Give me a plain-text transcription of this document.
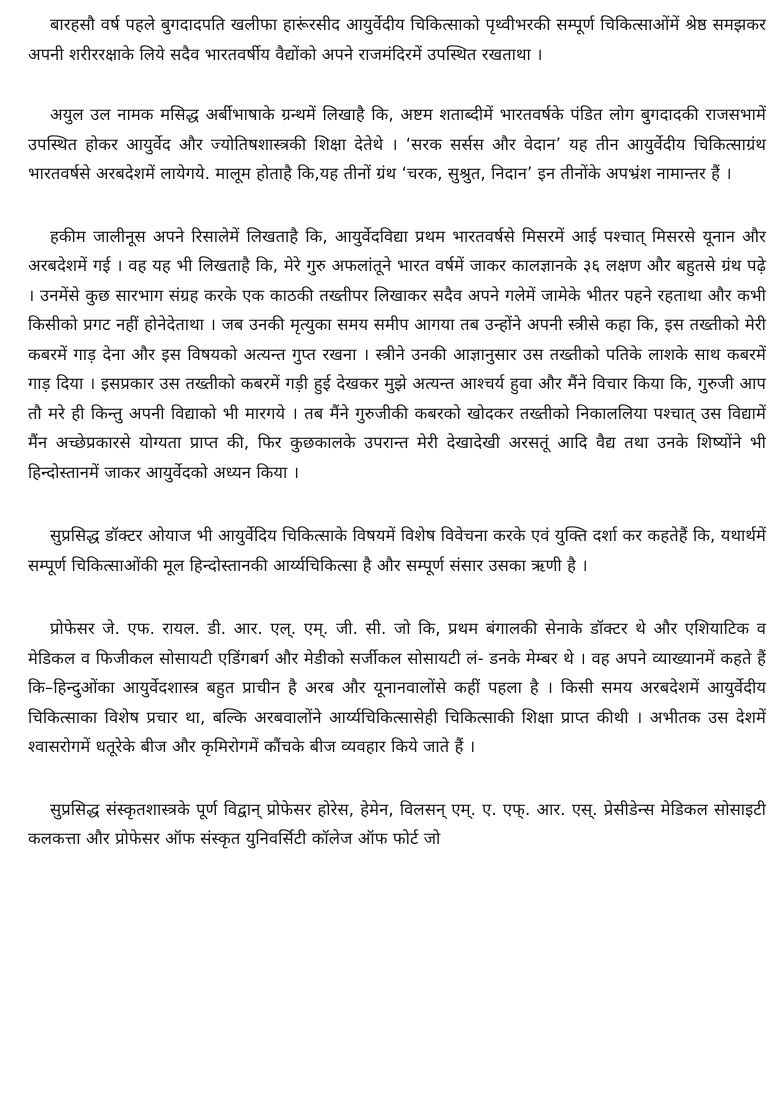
बारहसौ वर्ष पहले बुगदादपति खलीफा हारूंरसीद आयुर्वेदीय चिकित्साको पृथ्वीभरकी सम्पूर्ण चिकित्साओंमें श्रेष्ठ समझकर अपनी शरीररक्षाके लिये सदैव भारतवर्षीय वैद्योंको अपने राजमंदिरमें उपस्थित रखताथा ।

अयुल उल नामक मसिद्ध अर्बीभाषाके ग्रन्थमें लिखाहै कि, अष्टम शताब्दीमें भारतवर्षके पंडित लोग बुगदादकी राजसभामें उपस्थित होकर आयुर्वेद और ज्योतिषशास्त्रकी शिक्षा देतेथे । ‘सरक सर्सस और वेदान’ यह तीन आयुर्वेदीय चिकित्साग्रंथ भारतवर्षसे अरबदेशमें लायेगये. मालूम होताहै कि,यह तीनों ग्रंथ ‘चरक, सुश्रुत, निदान’ इन तीनोंके अपभ्रंश नामान्तर हैं ।

हकीम जालीनूस अपने रिसालेमें लिखताहै कि, आयुर्वेदविद्या प्रथम भारतवर्षसे मिसरमें आई पश्चात् मिसरसे यूनान और अरबदेशमें गई । वह यह भी लिखताहै कि, मेरे गुरु अफलांतूने भारत वर्षमें जाकर कालज्ञानके ३६ लक्षण और बहुतसे ग्रंथ पढ़े । उनमेंसे कुछ सारभाग संग्रह करके एक काठकी तख्तीपर लिखाकर सदैव अपने गलेमें जामेके भीतर पहने रहताथा और कभी किसीको प्रगट नहीं होनेदेताथा । जब उनकी मृत्युका समय समीप आगया तब उन्होंने अपनी स्त्रीसे कहा कि, इस तख्तीको मेरी कबरमें गाड़ देना और इस विषयको अत्यन्त गुप्त रखना । स्त्रीने उनकी आज्ञानुसार उस तख्तीको पतिके लाशके साथ कबरमें गाड़ दिया । इसप्रकार उस तख्तीको कबरमें गड़ी हुई देखकर मुझे अत्यन्त आश्चर्य हुवा और मैंने विचार किया कि, गुरुजी आप तौ मरे ही किन्तु अपनी विद्याको भी मारगये । तब मैंने गुरुजीकी कबरको खोदकर तख्तीको निकाललिया पश्चात् उस विद्यामें मैंन अच्छेप्रकारसे योग्यता प्राप्त की, फिर कुछकालके उपरान्त मेरी देखादेखी अरसतूं आदि वैद्य तथा उनके शिष्योंने भी हिन्दोस्तानमें जाकर आयुर्वेदको अध्यन किया ।

सुप्रसिद्ध डॉक्टर ओयाज भी आयुर्वेदिय चिकित्साके विषयमें विशेष विवेचना करके एवं युक्ति दर्शा कर कहतेहैं कि, यथार्थमें सम्पूर्ण चिकित्साओंकी मूल हिन्दोस्तानकी आर्य्यचिकित्सा है और सम्पूर्ण संसार उसका ऋणी है ।

प्रोफेसर जे. एफ. रायल. डी. आर. एल्. एम्. जी. सी. जो कि, प्रथम बंगालकी सेनाके डॉक्टर थे और एशियाटिक व मेडिकल व फिजीकल सोसायटी एडिंगबर्ग और मेडीको सर्जीकल सोसायटी लं- डनके मेम्बर थे । वह अपने व्याख्यानमें कहते हैं कि–हिन्दुओंका आयुर्वेदशास्त्र बहुत प्राचीन है अरब और यूनानवालोंसे कहीं पहला है । किसी समय अरबदेशमें आयुर्वेदीय चिकित्साका विशेष प्रचार था, बल्कि अरबवालोंने आर्य्यचिकित्सासेही चिकित्साकी शिक्षा प्राप्त कीथी । अभीतक उस देशमें श्वासरोगमें धतूरेके बीज और कृमिरोगमें कौंचके बीज व्यवहार किये जाते हैं ।

सुप्रसिद्ध संस्कृतशास्त्रके पूर्ण विद्वान् प्रोफेसर होरेस, हेमेन, विलसन् एम्. ए. एफ्. आर. एस्. प्रेसीडेन्स मेडिकल सोसाइटी कलकत्ता और प्रोफेसर ऑफ संस्कृत युनिवर्सिटी कॉलेज ऑफ फोर्ट जो
